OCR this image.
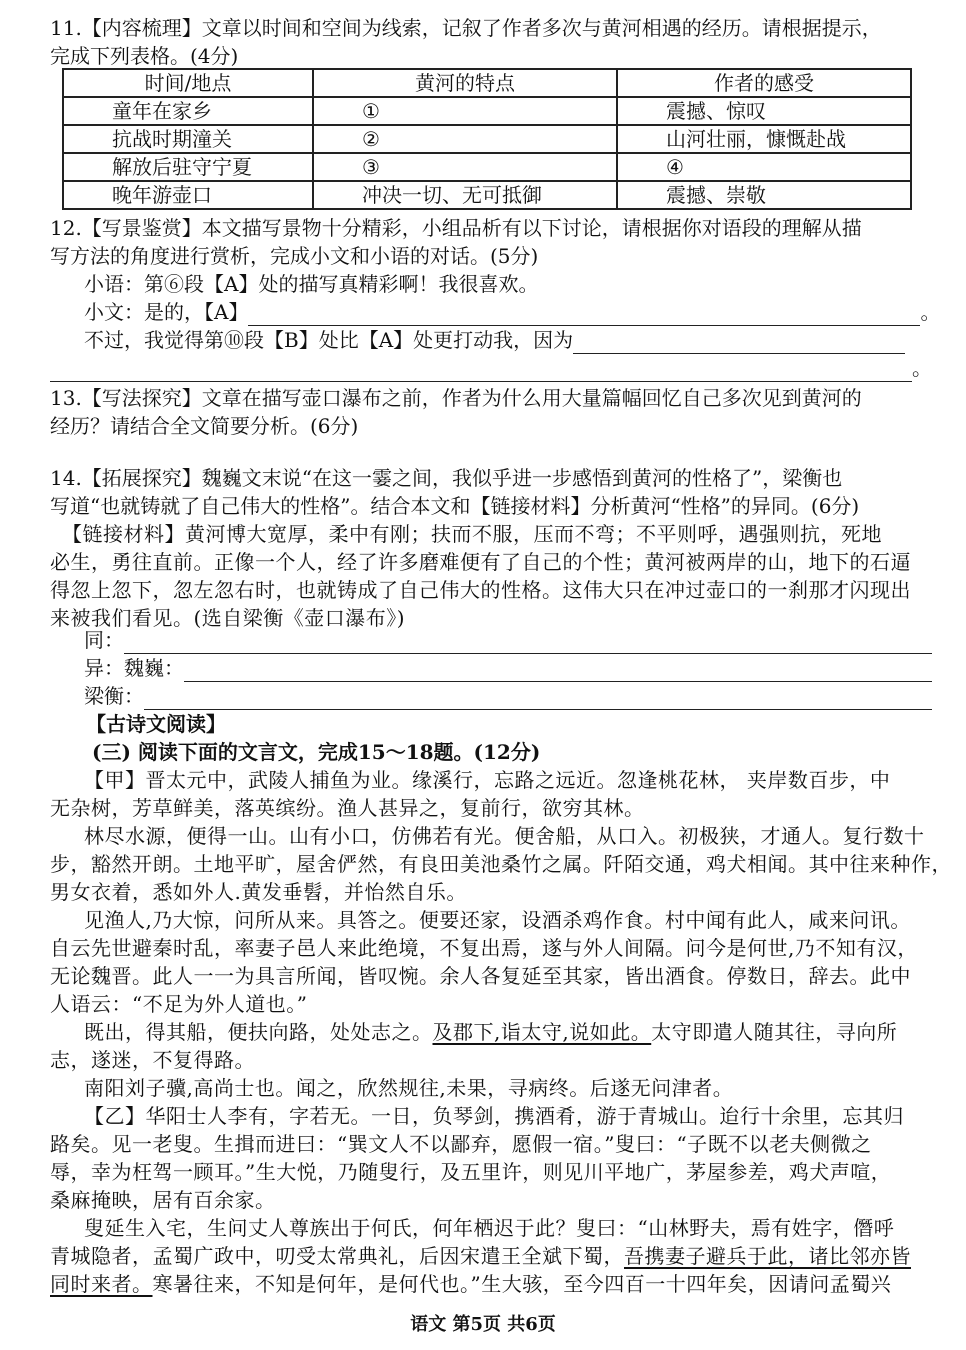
11.【内容梳理】文章以时间和空间为线索，记叙了作者多次与黄河相遇的经历。请根据提示，
完成下列表格。(4分)
时间/地点	黄河的特点	作者的感受
童年在家乡	①	震撼、惊叹
抗战时期潼关	②	山河壮丽，慷慨赴战
解放后驻守宁夏	③	④
晚年游壶口	冲决一切、无可抵御	震撼、崇敬
12.【写景鉴赏】本文描写景物十分精彩，小组品析有以下讨论，请根据你对语段的理解从描
写方法的角度进行赏析，完成小文和小语的对话。(5分)
小语：第⑥段【A】处的描写真精彩啊！我很喜欢。
小文：是的，【A】	。
不过，我觉得第⑩段【B】处比【A】处更打动我，因为
。
13.【写法探究】文章在描写壶口瀑布之前，作者为什么用大量篇幅回忆自己多次见到黄河的
经历？请结合全文简要分析。(6分)
14.【拓展探究】魏巍文末说“在这一霎之间，我似乎进一步感悟到黄河的性格了”，梁衡也
写道“也就铸就了自己伟大的性格”。结合本文和【链接材料】分析黄河“性格”的异同。(6分)
【链接材料】黄河博大宽厚，柔中有刚；扶而不服，压而不弯；不平则呼，遇强则抗，死地
必生，勇往直前。正像一个人，经了许多磨难便有了自己的个性；黄河被两岸的山，地下的石逼
得忽上忽下，忽左忽右时，也就铸成了自己伟大的性格。这伟大只在冲过壶口的一刹那才闪现出
来被我们看见。(选自梁衡《壶口瀑布》)
同：
异：魏巍：
梁衡：
【古诗文阅读】
(三) 阅读下面的文言文，完成15～18题。(12分)
【甲】晋太元中，武陵人捕鱼为业。缘溪行，忘路之远近。忽逢桃花林， 夹岸数百步，中
无杂树，芳草鲜美，落英缤纷。渔人甚异之，复前行，欲穷其林。
林尽水源，便得一山。山有小口，仿佛若有光。便舍船，从口入。初极狭，才通人。复行数十
步，豁然开朗。土地平旷，屋舍俨然，有良田美池桑竹之属。阡陌交通，鸡犬相闻。其中往来种作，
男女衣着，悉如外人.黄发垂髫，并怡然自乐。
见渔人,乃大惊，问所从来。具答之。便要还家，设酒杀鸡作食。村中闻有此人，咸来问讯。
自云先世避秦时乱，率妻子邑人来此绝境，不复出焉，遂与外人间隔。问今是何世,乃不知有汉，
无论魏晋。此人一一为具言所闻，皆叹惋。余人各复延至其家，皆出酒食。停数日，辞去。此中
人语云：“不足为外人道也。”
既出，得其船，便扶向路，处处志之。及郡下,诣太守,说如此。太守即遣人随其往，寻向所
志，遂迷，不复得路。
南阳刘子骥,高尚士也。闻之，欣然规往,未果，寻病终。后遂无问津者。
【乙】华阳士人李有，字若无。一日，负琴剑，携酒肴，游于青城山。迨行十余里，忘其归
路矣。见一老叟。生揖而进曰：“巽文人不以鄙弃，愿假一宿。”叟曰：“子既不以老夫侧微之
辱，幸为枉驾一顾耳。”生大悦，乃随叟行，及五里许，则见川平地广，茅屋参差，鸡犬声喧，
桑麻掩映，居有百余家。
叟延生入宅，生问丈人尊族出于何氏，何年栖迟于此？叟曰：“山林野夫，焉有姓字，僭呼
青城隐者，孟蜀广政中，叨受太常典礼，后因宋遣王全斌下蜀，吾携妻子避兵于此，诸比邻亦皆
同时来者。寒暑往来，不知是何年，是何代也。”生大骇，至今四百一十四年矣，因请问孟蜀兴
语文 第5页 共6页
